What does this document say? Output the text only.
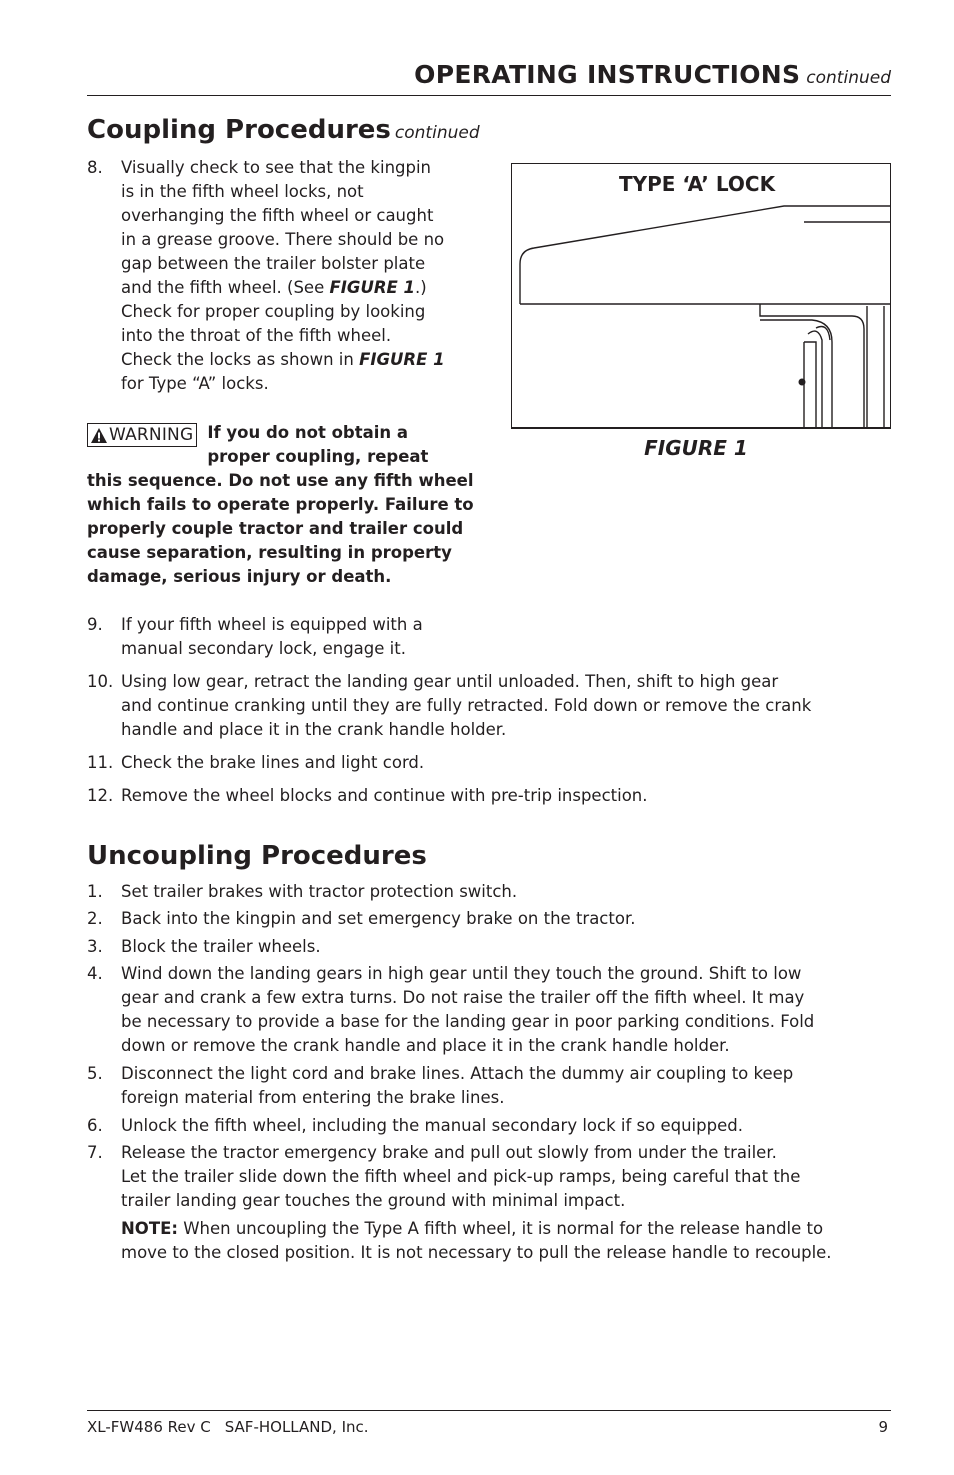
OPERATING INSTRUCTIONS continued
Coupling Procedures continued
8.	Visually check to see that the kingpin
is in the fifth wheel locks, not
overhanging the fifth wheel or caught
in a grease groove. There should be no
gap between the trailer bolster plate
and the fifth wheel. (See FIGURE 1.)
Check for proper coupling by looking
into the throat of the fifth wheel.
Check the locks as shown in FIGURE 1
for Type “A” locks.
WARNING If you do not obtain a
proper coupling, repeat
this sequence. Do not use any fifth wheel
which fails to operate properly. Failure to
properly couple tractor and trailer could
cause separation, resulting in property
damage, serious injury or death.
9.	If your fifth wheel is equipped with a
manual secondary lock, engage it.
10. Using low gear, retract the landing gear until unloaded. Then, shift to high gear
and continue cranking until they are fully retracted. Fold down or remove the crank
handle and place it in the crank handle holder.
11. Check the brake lines and light cord.
12. Remove the wheel blocks and continue with pre-trip inspection.
TYPE ‘A’ LOCK
FIGURE 1
Uncoupling Procedures
1.	Set trailer brakes with tractor protection switch.
2.	Back into the kingpin and set emergency brake on the tractor.
3.	Block the trailer wheels.
4.	Wind down the landing gears in high gear until they touch the ground. Shift to low
gear and crank a few extra turns. Do not raise the trailer off the fifth wheel. It may
be necessary to provide a base for the landing gear in poor parking conditions. Fold
down or remove the crank handle and place it in the crank handle holder.
5.	Disconnect the light cord and brake lines. Attach the dummy air coupling to keep
foreign material from entering the brake lines.
6.	Unlock the fifth wheel, including the manual secondary lock if so equipped.
7.	Release the tractor emergency brake and pull out slowly from under the trailer.
Let the trailer slide down the fifth wheel and pick-up ramps, being careful that the
trailer landing gear touches the ground with minimal impact.
NOTE: When uncoupling the Type A fifth wheel, it is normal for the release handle to
move to the closed position. It is not necessary to pull the release handle to recouple.
XL-FW486 Rev C SAF-HOLLAND, Inc.	9
